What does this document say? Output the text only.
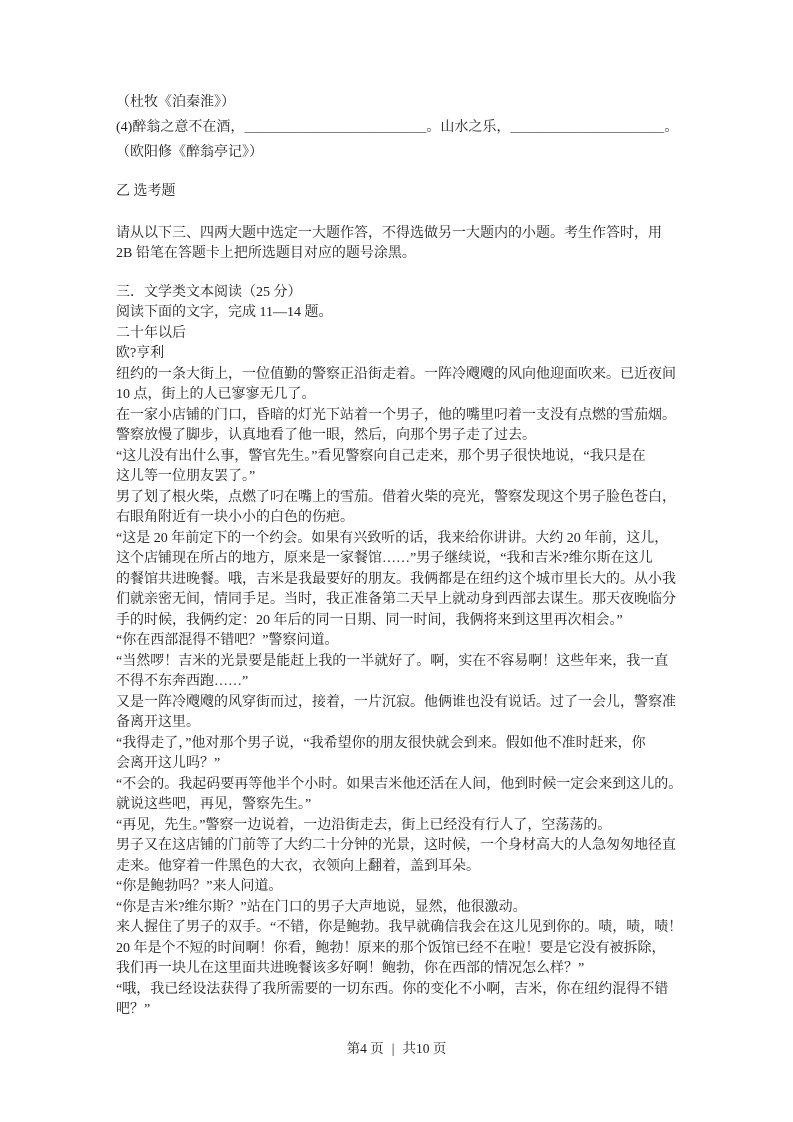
（杜牧《泊秦淮》）
(4)醉翁之意不在酒，＿＿＿＿＿＿＿＿＿＿＿＿＿。山水之乐，＿＿＿＿＿＿＿＿＿＿＿。
（欧阳修《醉翁亭记》）
乙 选考题
请从以下三、四两大题中选定一大题作答，不得选做另一大题内的小题。考生作答时，用
2B 铅笔在答题卡上把所选题目对应的题号涂黑。
三．文学类文本阅读（25 分）
阅读下面的文字，完成 11—14 题。
二十年以后
欧?亨利
纽约的一条大街上，一位值勤的警察正沿街走着。一阵冷飕飕的风向他迎面吹来。已近夜间
10 点，街上的人已寥寥无几了。
在一家小店铺的门口，昏暗的灯光下站着一个男子，他的嘴里叼着一支没有点燃的雪茄烟。
警察放慢了脚步，认真地看了他一眼，然后，向那个男子走了过去。
“这儿没有出什么事，警官先生。”看见警察向自己走来，那个男子很快地说，“我只是在
这儿等一位朋友罢了。”
男了划了根火柴，点燃了叼在嘴上的雪茄。借着火柴的亮光，警察发现这个男子脸色苍白，
右眼角附近有一块小小的白色的伤疤。
“这是 20 年前定下的一个约会。如果有兴致听的话，我来给你讲讲。大约 20 年前，这儿，
这个店铺现在所占的地方，原来是一家餐馆……”男子继续说，“我和吉米?维尔斯在这儿
的餐馆共进晚餐。哦，吉米是我最要好的朋友。我俩都是在纽约这个城市里长大的。从小我
们就亲密无间，情同手足。当时，我正准备第二天早上就动身到西部去谋生。那天夜晚临分
手的时候，我俩约定：20 年后的同一日期、同一时间，我俩将来到这里再次相会。”
“你在西部混得不错吧？”警察问道。
“当然啰！吉米的光景要是能赶上我的一半就好了。啊，实在不容易啊！这些年来，我一直
不得不东奔西跑……”
又是一阵冷飕飕的风穿街而过，接着，一片沉寂。他俩谁也没有说话。过了一会儿，警察准
备离开这里。
“我得走了，”他对那个男子说，“我希望你的朋友很快就会到来。假如他不准时赶来，你
会离开这儿吗？”
“不会的。我起码要再等他半个小时。如果吉米他还活在人间，他到时候一定会来到这儿的。
就说这些吧，再见，警察先生。”
“再见，先生。”警察一边说着，一边沿街走去，街上已经没有行人了，空荡荡的。
男子又在这店铺的门前等了大约二十分钟的光景，这时候，一个身材高大的人急匆匆地径直
走来。他穿着一件黑色的大衣，衣领向上翻着，盖到耳朵。
“你是鲍勃吗？”来人问道。
“你是吉米?维尔斯？”站在门口的男子大声地说，显然，他很激动。
来人握住了男子的双手。“不错，你是鲍勃。我早就确信我会在这儿见到你的。啧，啧，啧！
20 年是个不短的时间啊！你看，鲍勃！原来的那个饭馆已经不在啦！要是它没有被拆除，
我们再一块儿在这里面共进晚餐该多好啊！鲍勃，你在西部的情况怎么样？”
“哦，我已经设法获得了我所需要的一切东西。你的变化不小啊，吉米，你在纽约混得不错
吧？”
第4 页 | 共10 页
